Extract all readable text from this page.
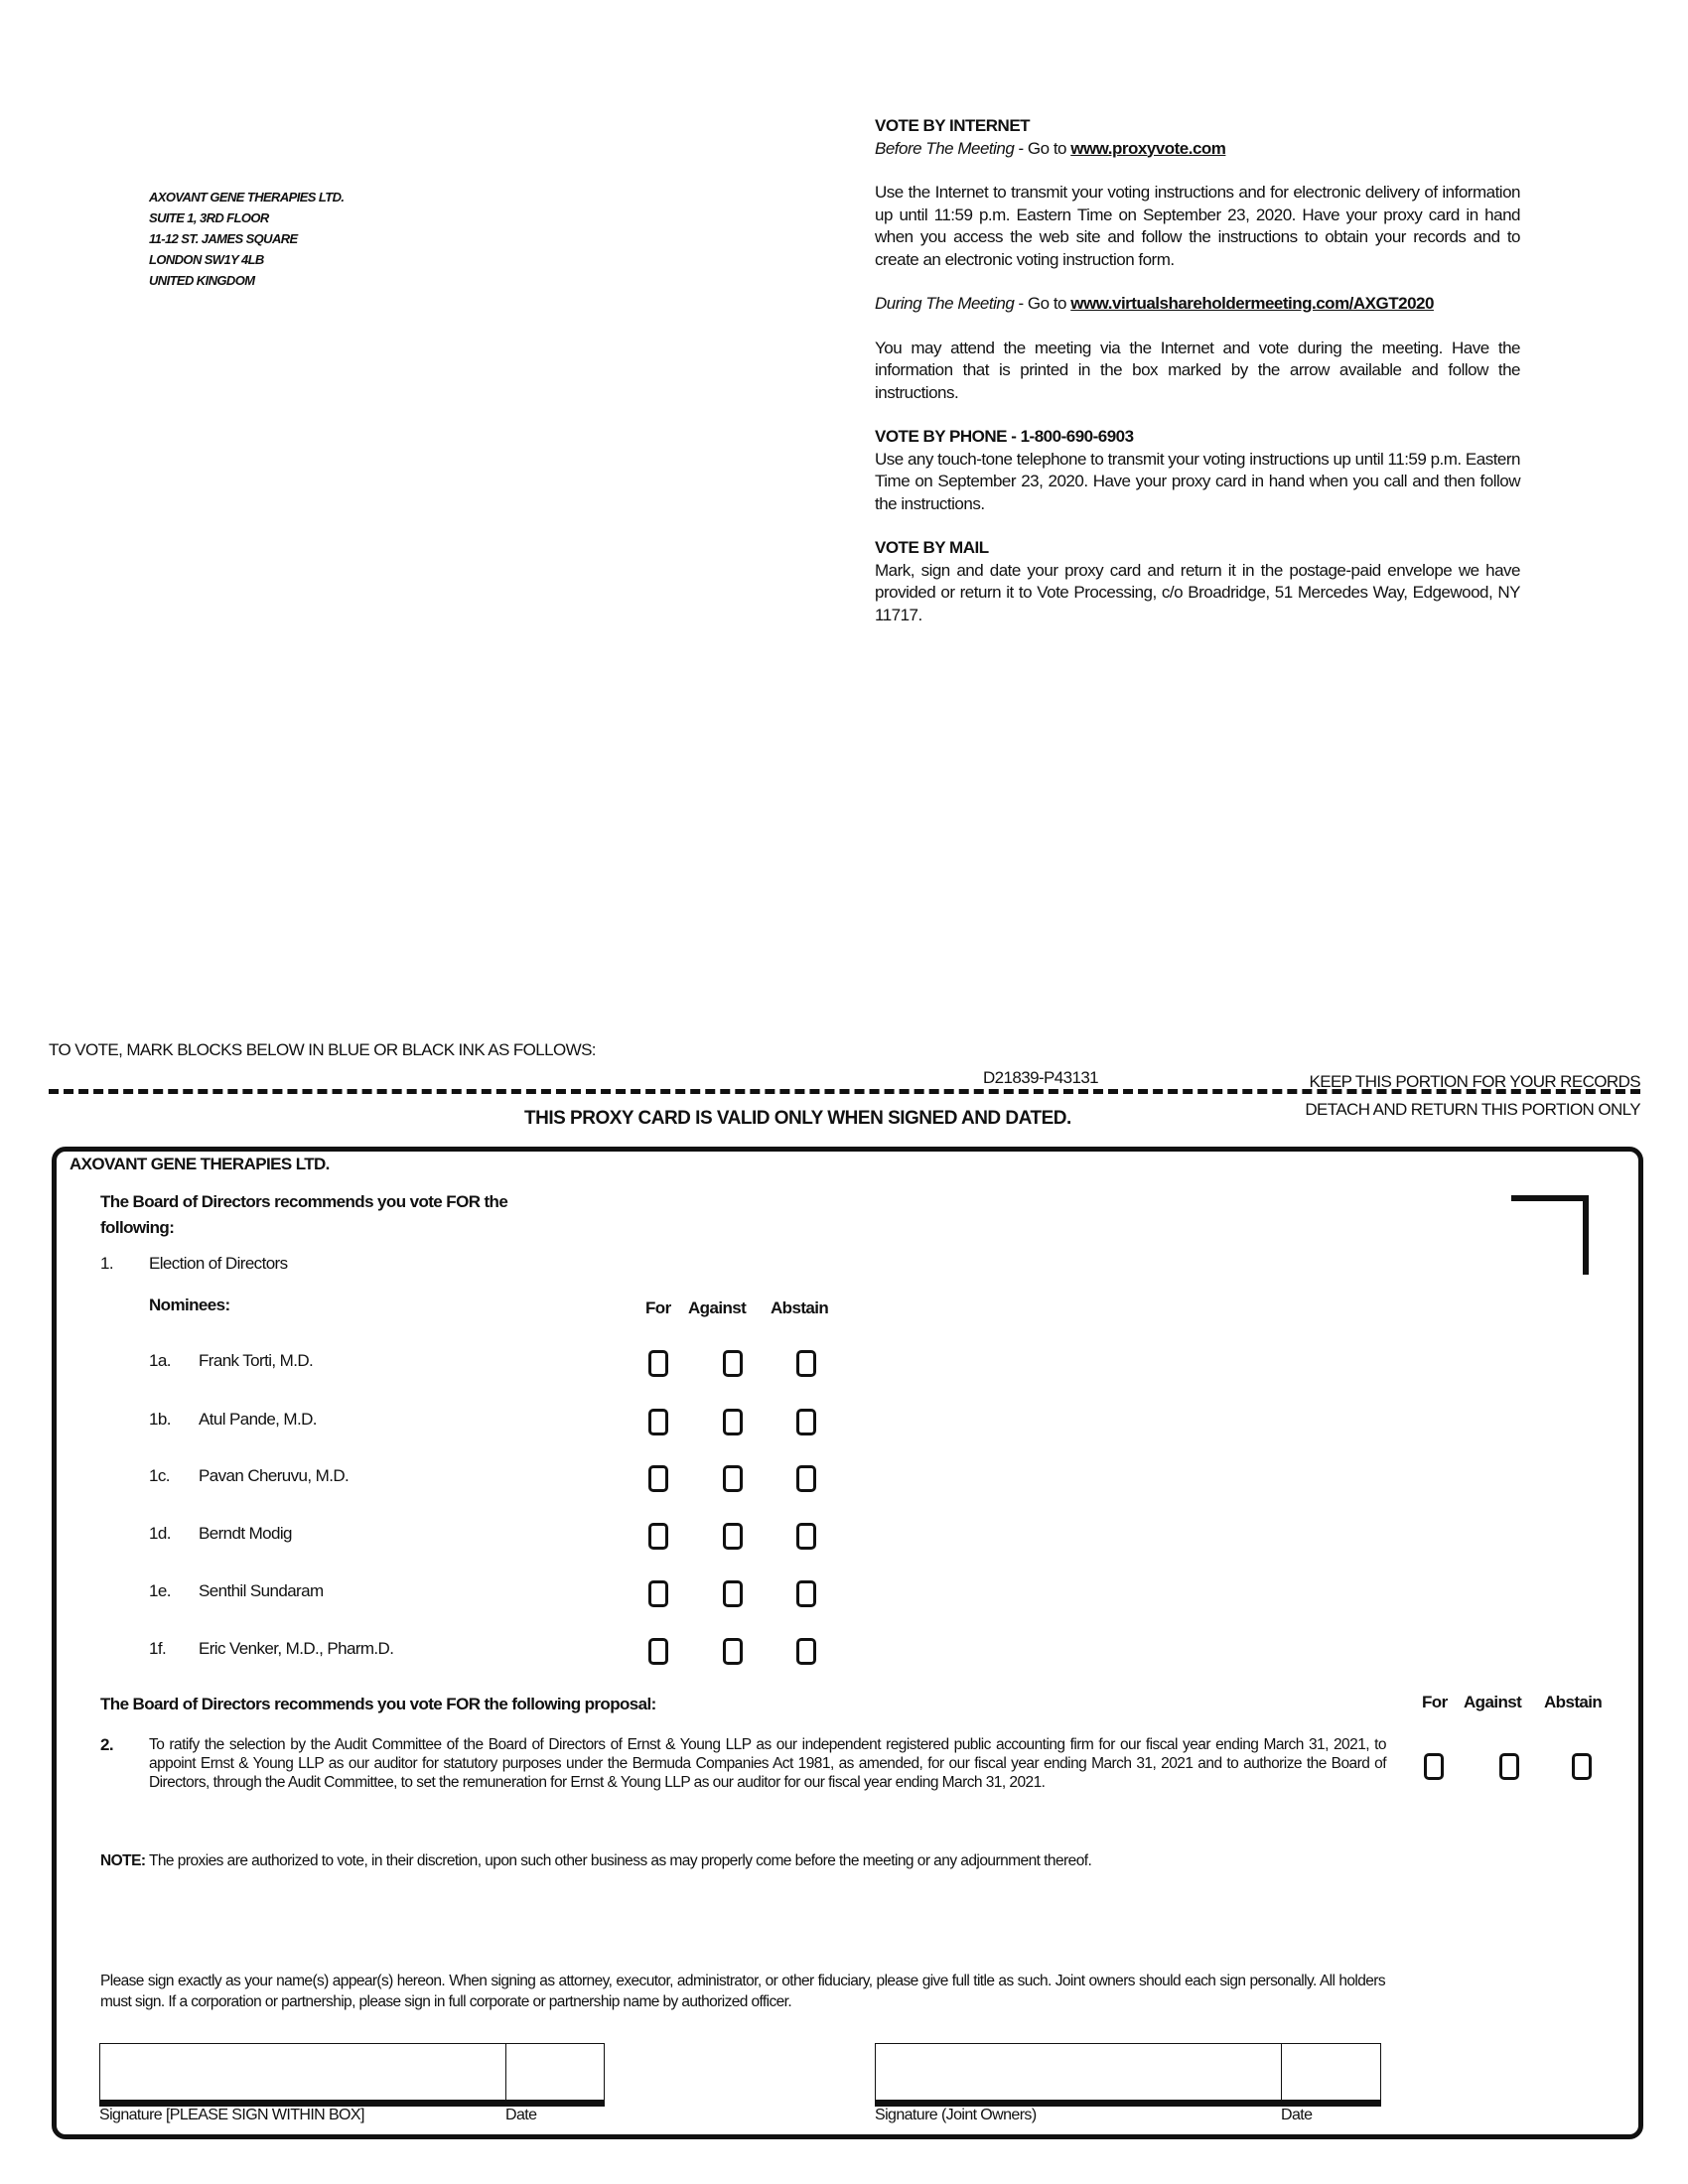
AXOVANT GENE THERAPIES LTD.
SUITE 1, 3RD FLOOR
11-12 ST. JAMES SQUARE
LONDON SW1Y 4LB
UNITED KINGDOM
VOTE BY INTERNET

Before The Meeting - Go to www.proxyvote.com

Use the Internet to transmit your voting instructions and for electronic delivery of information up until 11:59 p.m. Eastern Time on September 23, 2020. Have your proxy card in hand when you access the web site and follow the instructions to obtain your records and to create an electronic voting instruction form.

During The Meeting - Go to www.virtualshareholdermeeting.com/AXGT2020

You may attend the meeting via the Internet and vote during the meeting. Have the information that is printed in the box marked by the arrow available and follow the instructions.

VOTE BY PHONE - 1-800-690-6903

Use any touch-tone telephone to transmit your voting instructions up until 11:59 p.m. Eastern Time on September 23, 2020. Have your proxy card in hand when you call and then follow the instructions.

VOTE BY MAIL

Mark, sign and date your proxy card and return it in the postage-paid envelope we have provided or return it to Vote Processing, c/o Broadridge, 51 Mercedes Way, Edgewood, NY 11717.

TO VOTE, MARK BLOCKS BELOW IN BLUE OR BLACK INK AS FOLLOWS:
D21839-P43131	KEEP THIS PORTION FOR YOUR RECORDS
DETACH AND RETURN THIS PORTION ONLY
THIS PROXY CARD IS VALID ONLY WHEN SIGNED AND DATED.
AXOVANT GENE THERAPIES LTD.
The Board of Directors recommends you vote FOR the
following:
1. Election of Directors
Nominees:	For Against Abstain
1a. Frank Torti, M.D.
1b. Atul Pande, M.D.
1c. Pavan Cheruvu, M.D.
1d. Berndt Modig
1e. Senthil Sundaram
1f. Eric Venker, M.D., Pharm.D.
The Board of Directors recommends you vote FOR the following proposal:	For Against Abstain
2. To ratify the selection by the Audit Committee of the Board of Directors of Ernst & Young LLP as our independent registered public accounting firm for our fiscal year ending March 31, 2021, to appoint Ernst & Young LLP as our auditor for statutory purposes under the Bermuda Companies Act 1981, as amended, for our fiscal year ending March 31, 2021 and to authorize the Board of Directors, through the Audit Committee, to set the remuneration for Ernst & Young LLP as our auditor for our fiscal year ending March 31, 2021.
NOTE: The proxies are authorized to vote, in their discretion, upon such other business as may properly come before the meeting or any adjournment thereof.
Please sign exactly as your name(s) appear(s) hereon. When signing as attorney, executor, administrator, or other fiduciary, please give full title as such. Joint owners should each sign personally. All holders must sign. If a corporation or partnership, please sign in full corporate or partnership name by authorized officer.
Signature [PLEASE SIGN WITHIN BOX]	Date	Signature (Joint Owners)	Date
